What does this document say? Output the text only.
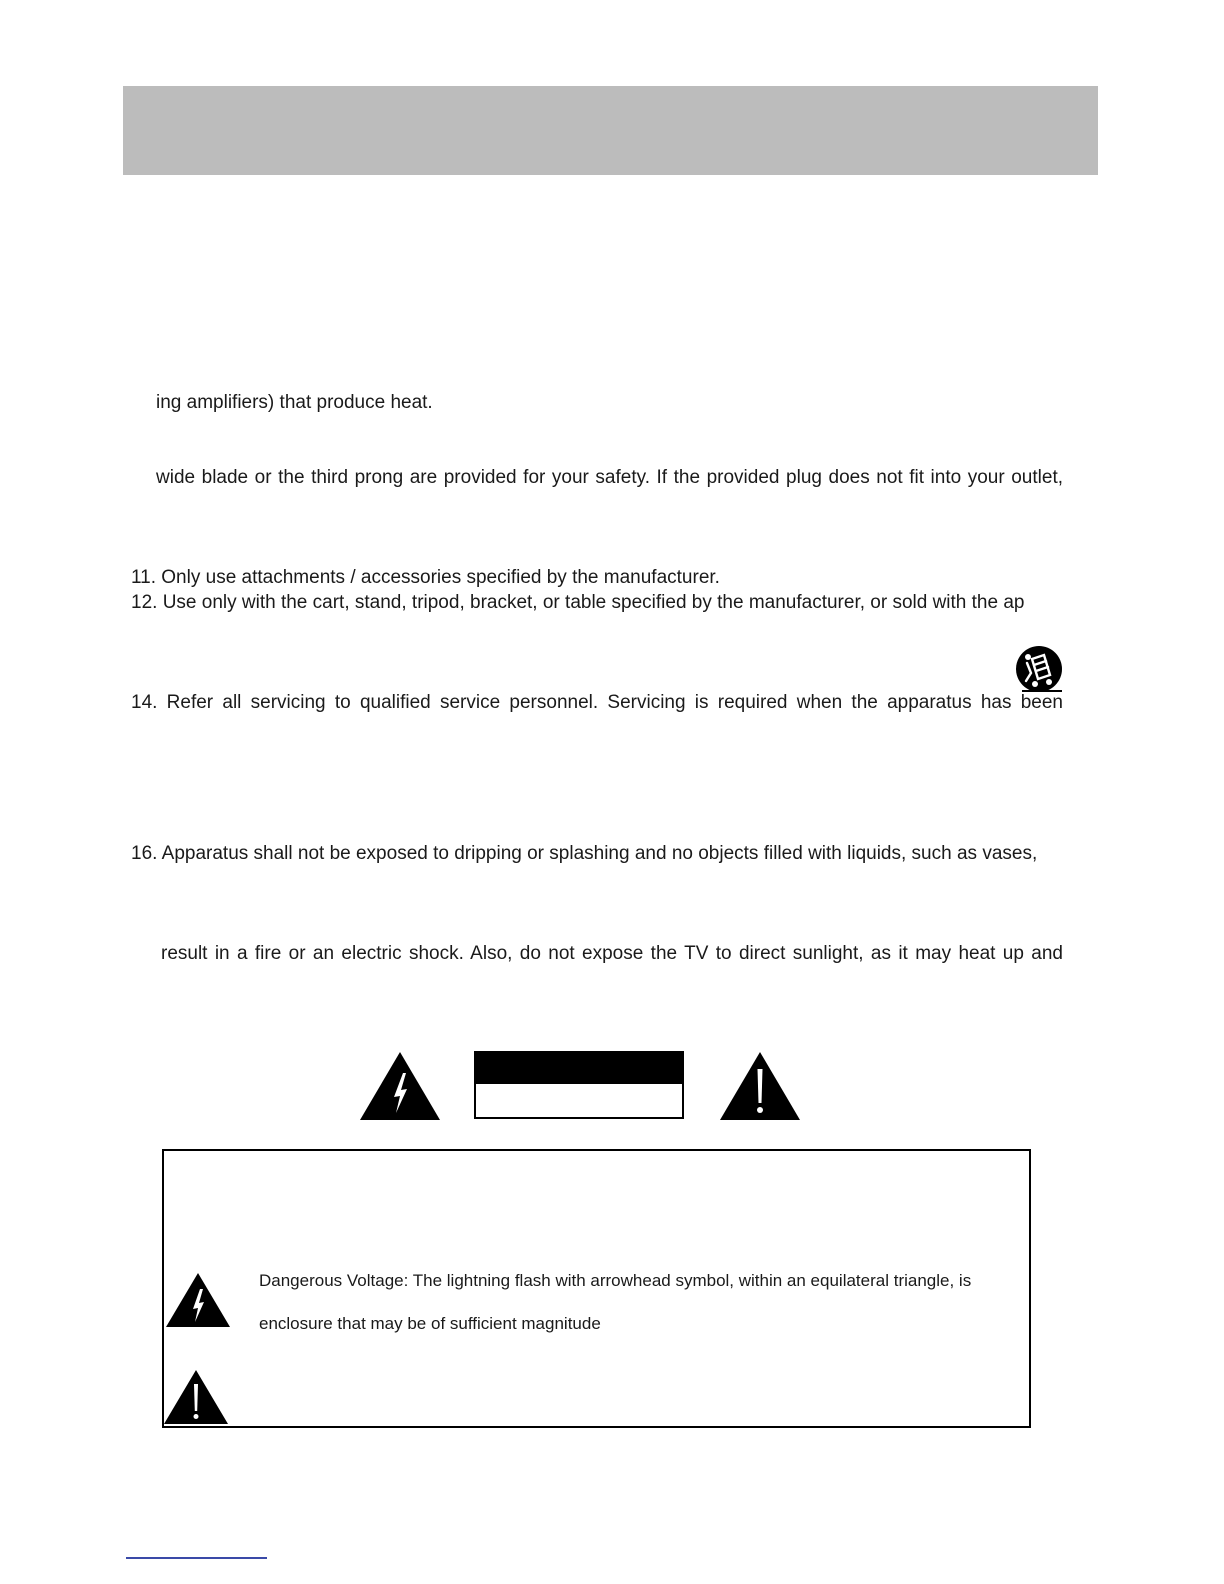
ing amplifiers) that produce heat.

wide blade or the third prong are provided for your safety. If the provided plug does not fit into your outlet,

11. Only use attachments / accessories specified by the manufacturer.

12. Use only with the cart, stand, tripod, bracket, or table specified by the manufacturer, or sold with the ap

14. Refer all servicing to qualified service personnel. Servicing is required when the apparatus has been

16. Apparatus shall not be exposed to dripping or splashing and no objects filled with liquids, such as vases,

result in a fire or an electric shock. Also, do not expose the TV to direct sunlight, as it may heat up and

Dangerous Voltage: The lightning flash with arrowhead symbol, within an equilateral triangle, is
enclosure that may be of sufficient magnitude
